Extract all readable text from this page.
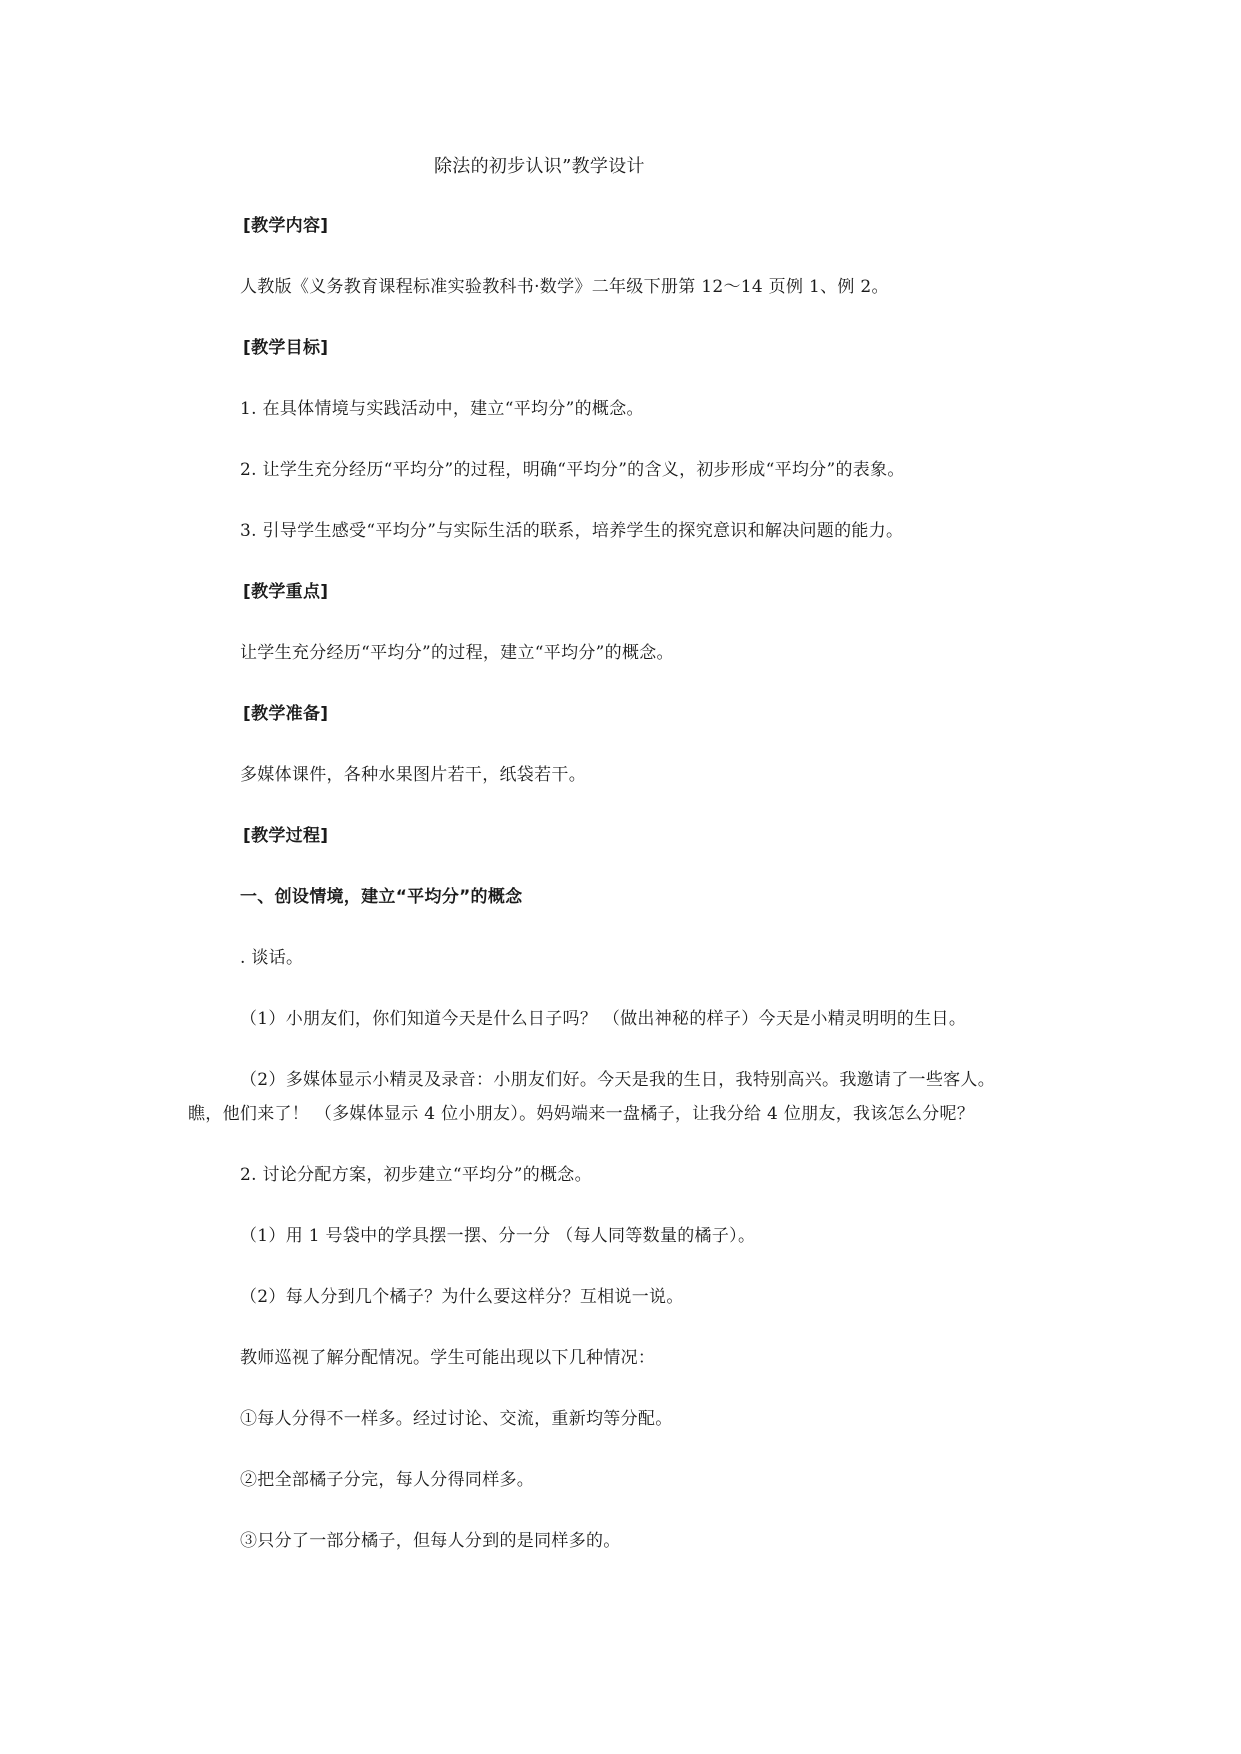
除法的初步认识”教学设计
[教学内容]
人教版《义务教育课程标准实验教科书·数学》二年级下册第 12～14 页例 1、例 2。
[教学目标]
1. 在具体情境与实践活动中，建立“平均分”的概念。
2. 让学生充分经历“平均分”的过程，明确“平均分”的含义，初步形成“平均分”的表象。
3. 引导学生感受“平均分”与实际生活的联系，培养学生的探究意识和解决问题的能力。
[教学重点]
让学生充分经历“平均分”的过程，建立“平均分”的概念。
[教学准备]
多媒体课件，各种水果图片若干，纸袋若干。
[教学过程]
一、创设情境，建立“平均分”的概念
. 谈话。
（1）小朋友们，你们知道今天是什么日子吗？ （做出神秘的样子）今天是小精灵明明的生日。
（2）多媒体显示小精灵及录音：小朋友们好。今天是我的生日，我特别高兴。我邀请了一些客人。
瞧，他们来了！ （多媒体显示 4 位小朋友）。妈妈端来一盘橘子，让我分给 4 位朋友，我该怎么分呢？
2. 讨论分配方案，初步建立“平均分”的概念。
（1）用 1 号袋中的学具摆一摆、分一分 （每人同等数量的橘子）。
（2）每人分到几个橘子？为什么要这样分？互相说一说。
教师巡视了解分配情况。学生可能出现以下几种情况：
①每人分得不一样多。经过讨论、交流，重新均等分配。
②把全部橘子分完，每人分得同样多。
③只分了一部分橘子，但每人分到的是同样多的。
